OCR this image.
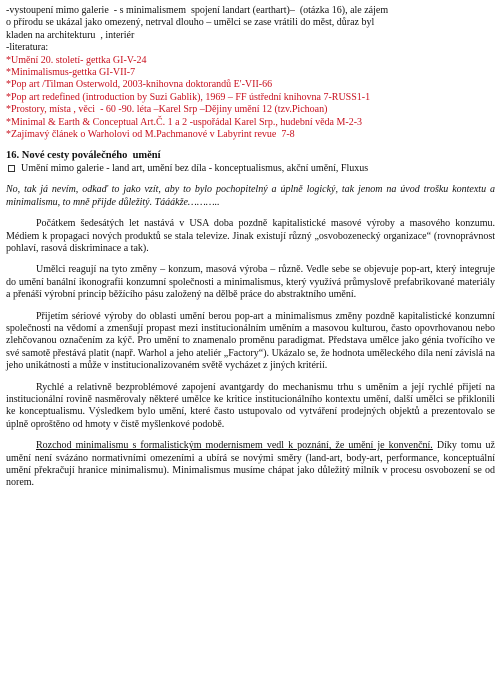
-vystoupení mimo galerie  - s minimalismem  spojení landart (earthart)–  (otázka 16), ale zájem
o přírodu se ukázal jako omezený, netrval dlouho – umělci se zase vrátili do měst, důraz byl
kladen na architekturu  , interiér
-literatura:
*Umění 20. století- gettka GI-V-24
*Minimalismus-gettka GI-VII-7
*Pop art /Tilman Osterwold, 2003-knihovna doktorandů E'-VII-66
*Pop art redefined (introduction by Suzi Gablik), 1969 – FF ústřední knihovna 7-RUSS1-1
*Prostory, místa , věci  - 60 -90. léta –Karel Srp –Dějiny umění 12 (tzv.Pichoan)
*Minimal & Earth & Conceptual Art.Č. 1 a 2 -uspořádal Karel Srp., hudební věda M-2-3
*Zajímavý článek o Warholovi od M.Pachmanové v Labyrint revue  7-8
16. Nové cesty poválečného  umění
Umění mimo galerie - land art, umění bez díla - konceptualismus, akční umění, Fluxus
No, tak já nevím, odkaď to jako vzít, aby to bylo pochopitelný a úplně logický, tak jenom na úvod trošku kontextu a minimalismu, to mně přijde důležitý. Tááákže………..

Počátkem šedesátých let nastává v USA doba pozdně kapitalistické masové výroby a masového konzumu. Médiem k propagaci nových produktů se stala televize. Jinak existují různý „osvobozenecký organizace“ (rovnoprávnost pohlaví, rasová diskriminace a tak).

Umělci reagují na tyto změny – konzum, masová výroba – různě. Vedle sebe se objevuje pop-art, který integruje do umění banální ikonografii konzumní společnosti a minimalismus, který využívá průmyslově prefabrikované materiály a přenáší výrobní princip běžícího pásu založený na dělbě práce do abstraktního umění.

Přijetím sériové výroby do oblasti umění berou pop-art a minimalismus změny pozdně kapitalistické konzumní společnosti na vědomí a zmenšují propast mezi institucionálním uměním a masovou kulturou, často opovrhovanou nebo zlehčovanou označením za kýč. Pro umění to znamenalo proměnu paradigmat. Představa umělce jako génia tvořícího ve své samotě přestává platit (např. Warhol a jeho ateliér „Factory“). Ukázalo se, že hodnota uměleckého díla není závislá na jeho unikátnosti a může v institucionalizovaném světě vycházet z jiných kritérií.

Rychlé a relativně bezproblémové zapojení avantgardy do mechanismu trhu s uměním a její rychlé přijetí na institucionální rovině nasměrovaly některé umělce ke kritice institucionálního kontextu umění, další umělci se přiklonili ke konceptualismu. Výsledkem bylo umění, které často ustupovalo od vytváření prodejných objektů a prezentovalo se úplně oproštěno od hmoty v čistě myšlenkové podobě.

Rozchod minimalismu s formalistickým modernismem vedl k poznání, že umění je konvenční. Díky tomu už umění není svázáno normativními omezeními a ubírá se novými směry (land-art, body-art, performance, konceptuální umění překračují hranice minimalismu). Minimalismus musíme chápat jako důležitý milník v procesu osvobození se od norem.
